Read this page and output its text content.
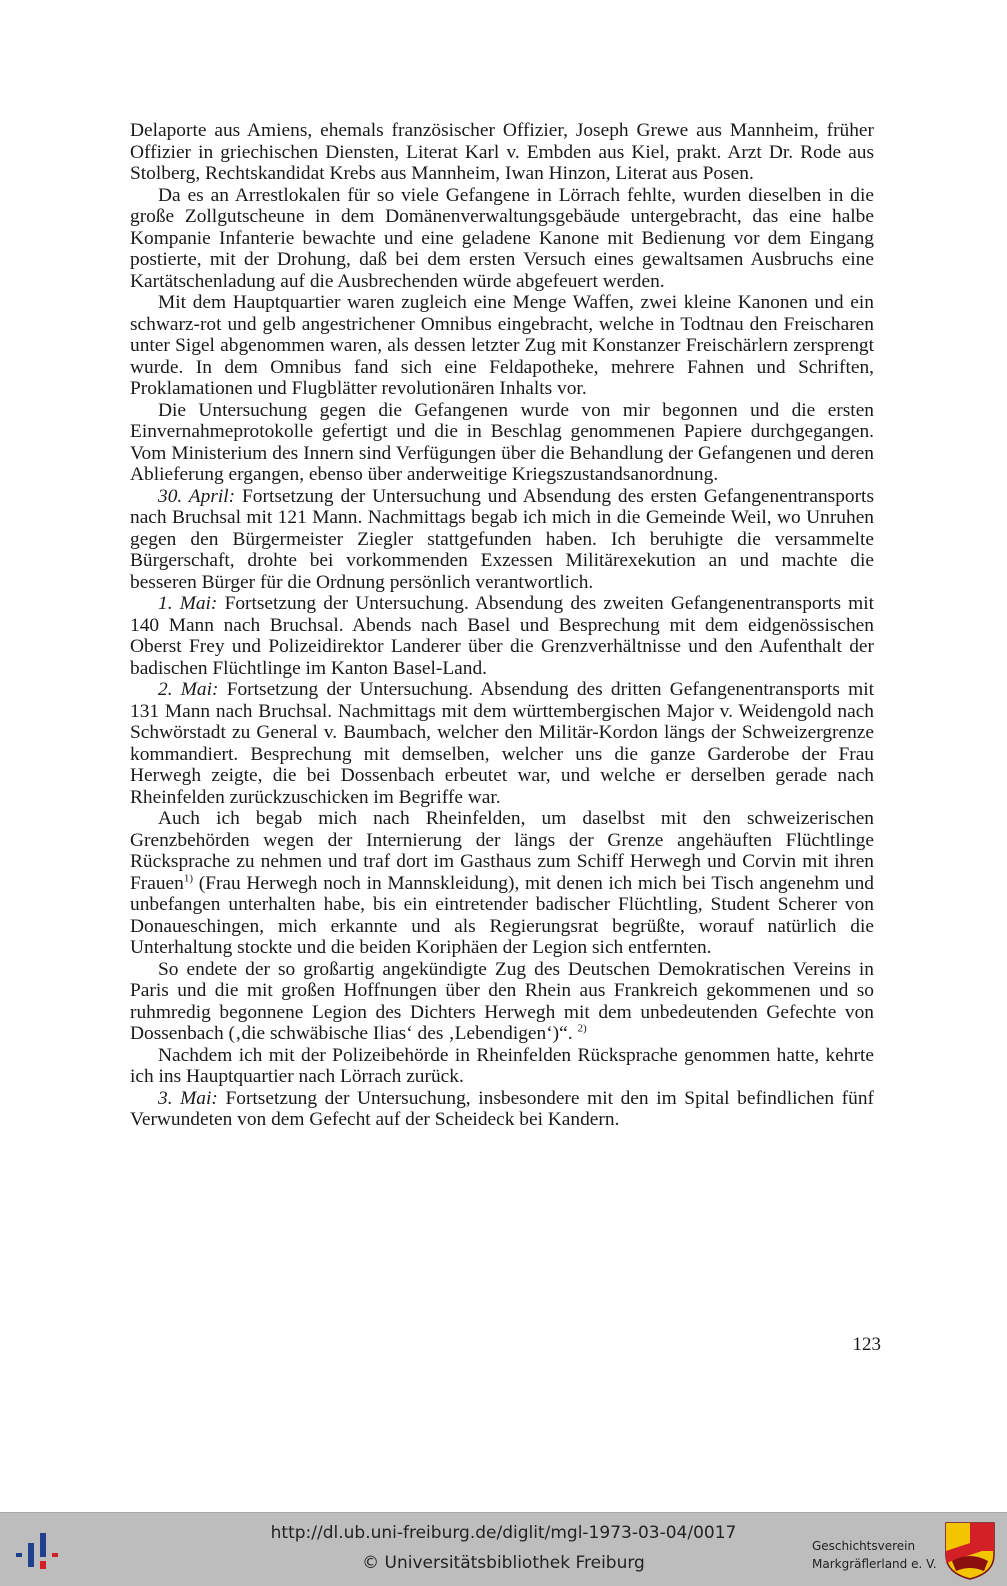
Delaporte aus Amiens, ehemals französischer Offizier, Joseph Grewe aus Mannheim, früher Offizier in griechischen Diensten, Literat Karl v. Embden aus Kiel, prakt. Arzt Dr. Rode aus Stolberg, Rechtskandidat Krebs aus Mannheim, Iwan Hinzon, Literat aus Posen.

Da es an Arrestlokalen für so viele Gefangene in Lörrach fehlte, wurden dieselben in die große Zollgutscheune in dem Domänenverwaltungsgebäude untergebracht, das eine halbe Kompanie Infanterie bewachte und eine geladene Kanone mit Bedienung vor dem Eingang postierte, mit der Drohung, daß bei dem ersten Versuch eines gewaltsamen Ausbruchs eine Kartätschenladung auf die Ausbrechenden würde abgefeuert werden.

Mit dem Hauptquartier waren zugleich eine Menge Waffen, zwei kleine Kanonen und ein schwarz-rot und gelb angestrichener Omnibus eingebracht, welche in Todtnau den Freischaren unter Sigel abgenommen waren, als dessen letzter Zug mit Konstanzer Freischärlern zersprengt wurde. In dem Omnibus fand sich eine Feldapotheke, mehrere Fahnen und Schriften, Proklamationen und Flugblätter revolutionären Inhalts vor.

Die Untersuchung gegen die Gefangenen wurde von mir begonnen und die ersten Einvernahmeprotokolle gefertigt und die in Beschlag genommenen Papiere durchgegangen. Vom Ministerium des Innern sind Verfügungen über die Behandlung der Gefangenen und deren Ablieferung ergangen, ebenso über anderweitige Kriegszustandsanordnung.

30. April: Fortsetzung der Untersuchung und Absendung des ersten Gefangenentransports nach Bruchsal mit 121 Mann. Nachmittags begab ich mich in die Gemeinde Weil, wo Unruhen gegen den Bürgermeister Ziegler stattgefunden haben. Ich beruhigte die versammelte Bürgerschaft, drohte bei vorkommenden Exzessen Militärexekution an und machte die besseren Bürger für die Ordnung persönlich verantwortlich.

1. Mai: Fortsetzung der Untersuchung. Absendung des zweiten Gefangenentransports mit 140 Mann nach Bruchsal. Abends nach Basel und Besprechung mit dem eidgenössischen Oberst Frey und Polizeidirektor Landerer über die Grenzverhältnisse und den Aufenthalt der badischen Flüchtlinge im Kanton Basel-Land.

2. Mai: Fortsetzung der Untersuchung. Absendung des dritten Gefangenentransports mit 131 Mann nach Bruchsal. Nachmittags mit dem württembergischen Major v. Weidengold nach Schwörstadt zu General v. Baumbach, welcher den Militär-Kordon längs der Schweizergrenze kommandiert. Besprechung mit demselben, welcher uns die ganze Garderobe der Frau Herwegh zeigte, die bei Dossenbach erbeutet war, und welche er derselben gerade nach Rheinfelden zurückzuschicken im Begriffe war.

Auch ich begab mich nach Rheinfelden, um daselbst mit den schweizerischen Grenzbehörden wegen der Internierung der längs der Grenze angehäuften Flüchtlinge Rücksprache zu nehmen und traf dort im Gasthaus zum Schiff Herwegh und Corvin mit ihren Frauen$^{1)}$ (Frau Herwegh noch in Mannskleidung), mit denen ich mich bei Tisch angenehm und unbefangen unterhalten habe, bis ein eintretender badischer Flüchtling, Student Scherer von Donaueschingen, mich erkannte und als Regierungsrat begrüßte, worauf natürlich die Unterhaltung stockte und die beiden Koriphäen der Legion sich entfernten.

So endete der so großartig angekündigte Zug des Deutschen Demokratischen Vereins in Paris und die mit großen Hoffnungen über den Rhein aus Frankreich gekommenen und so ruhmredig begonnene Legion des Dichters Herwegh mit dem unbedeutenden Gefechte von Dossenbach (‚die schwäbische Ilias‘ des ‚Lebendigen‘)“. $^{2)}$

Nachdem ich mit der Polizeibehörde in Rheinfelden Rücksprache genommen hatte, kehrte ich ins Hauptquartier nach Lörrach zurück.

3. Mai: Fortsetzung der Untersuchung, insbesondere mit den im Spital befindlichen fünf Verwundeten von dem Gefecht auf der Scheideck bei Kandern.

123
http://dl.ub.uni-freiburg.de/diglit/mgl-1973-03-04/0017
© Universitätsbibliothek Freiburg
Geschichtsverein
Markgräflerland e. V.
